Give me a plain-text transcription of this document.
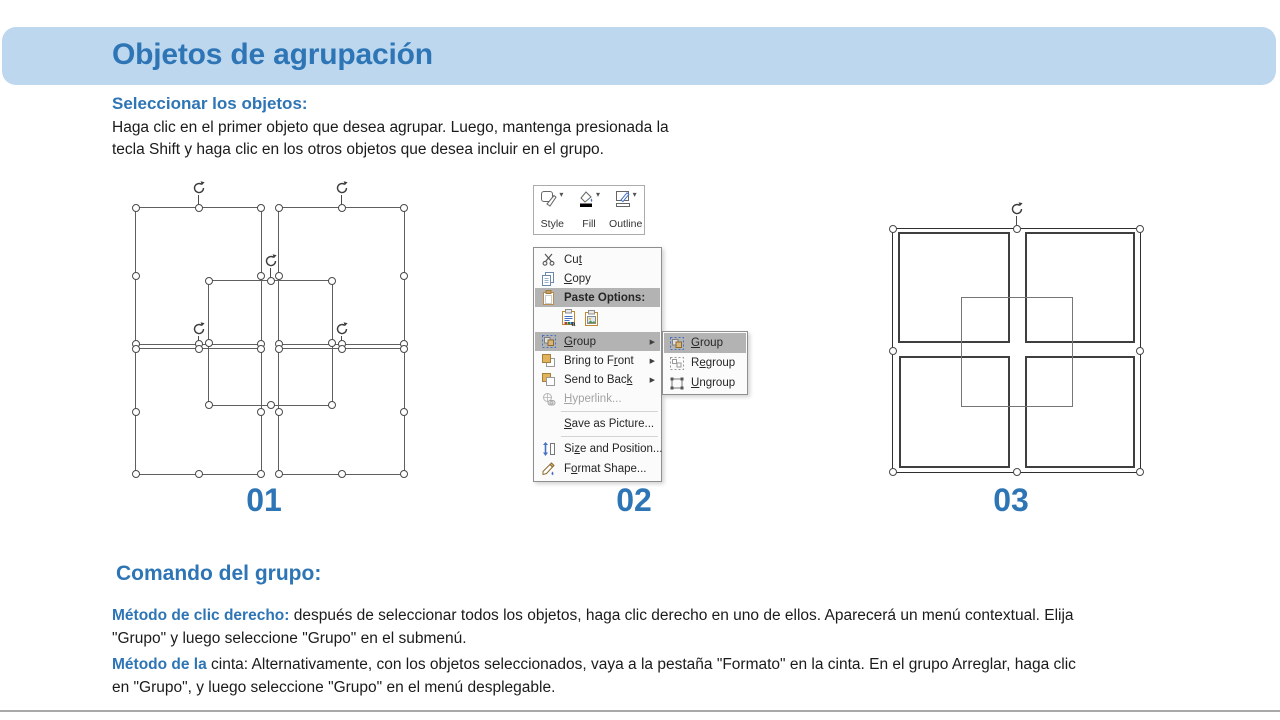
Objetos de agrupación
Seleccionar los objetos:
Haga clic en el primer objeto que desea agrupar. Luego, mantenga presionada la
tecla Shift y haga clic en los otros objetos que desea incluir en el grupo.
01
▾
Style
▾
Fill
▾
Outline
Cut
Copy
Paste Options:
a
Group	▶
Bring to Front ▶
Send to Back ▶
Hyperlink...
Save as Picture...
Size and Position...
Format Shape...
Group
Regroup
Ungroup
02	03
Comando del grupo:

Método de clic derecho: después de seleccionar todos los objetos, haga clic derecho en uno de ellos. Aparecerá un menú contextual. Elija "Grupo" y luego seleccione "Grupo" en el submenú.

Método de la cinta: Alternativamente, con los objetos seleccionados, vaya a la pestaña "Formato" en la cinta. En el grupo Arreglar, haga clic en "Grupo", y luego seleccione "Grupo" en el menú desplegable.
